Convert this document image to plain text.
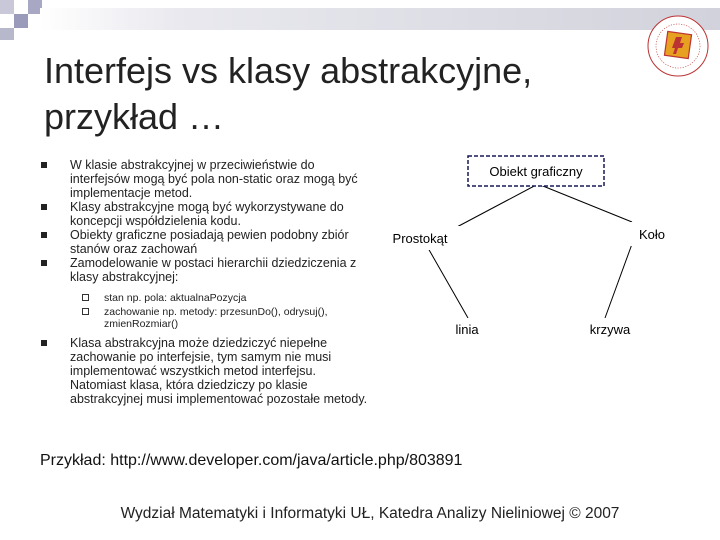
Interfejs vs klasy abstrakcyjne,
przykład …
W klasie abstrakcyjnej w przeciwieństwie do interfejsów mogą być pola non-static oraz mogą być implementacje metod.
Klasy abstrakcyjne mogą być wykorzystywane do koncepcji współdzielenia kodu.
Obiekty graficzne posiadają pewien podobny zbiór stanów oraz zachowań
Zamodelowanie w postaci hierarchii dziedziczenia z klasy abstrakcyjnej:
stan np. pola: aktualnaPozycja
zachowanie np. metody: przesunDo(), odrysuj(), zmienRozmiar()
Klasa abstrakcyjna może dziedziczyć niepełne zachowanie po interfejsie, tym samym nie musi implementować wszystkich metod interfejsu. Natomiast klasa, która dziedziczy po klasie abstrakcyjnej musi implementować pozostałe metody.
Obiekt graficzny
Prostokąt	Koło
linia	krzywa
Przykład: http://www.developer.com/java/article.php/803891
Wydział Matematyki i Informatyki UŁ, Katedra Analizy Nieliniowej © 2007
